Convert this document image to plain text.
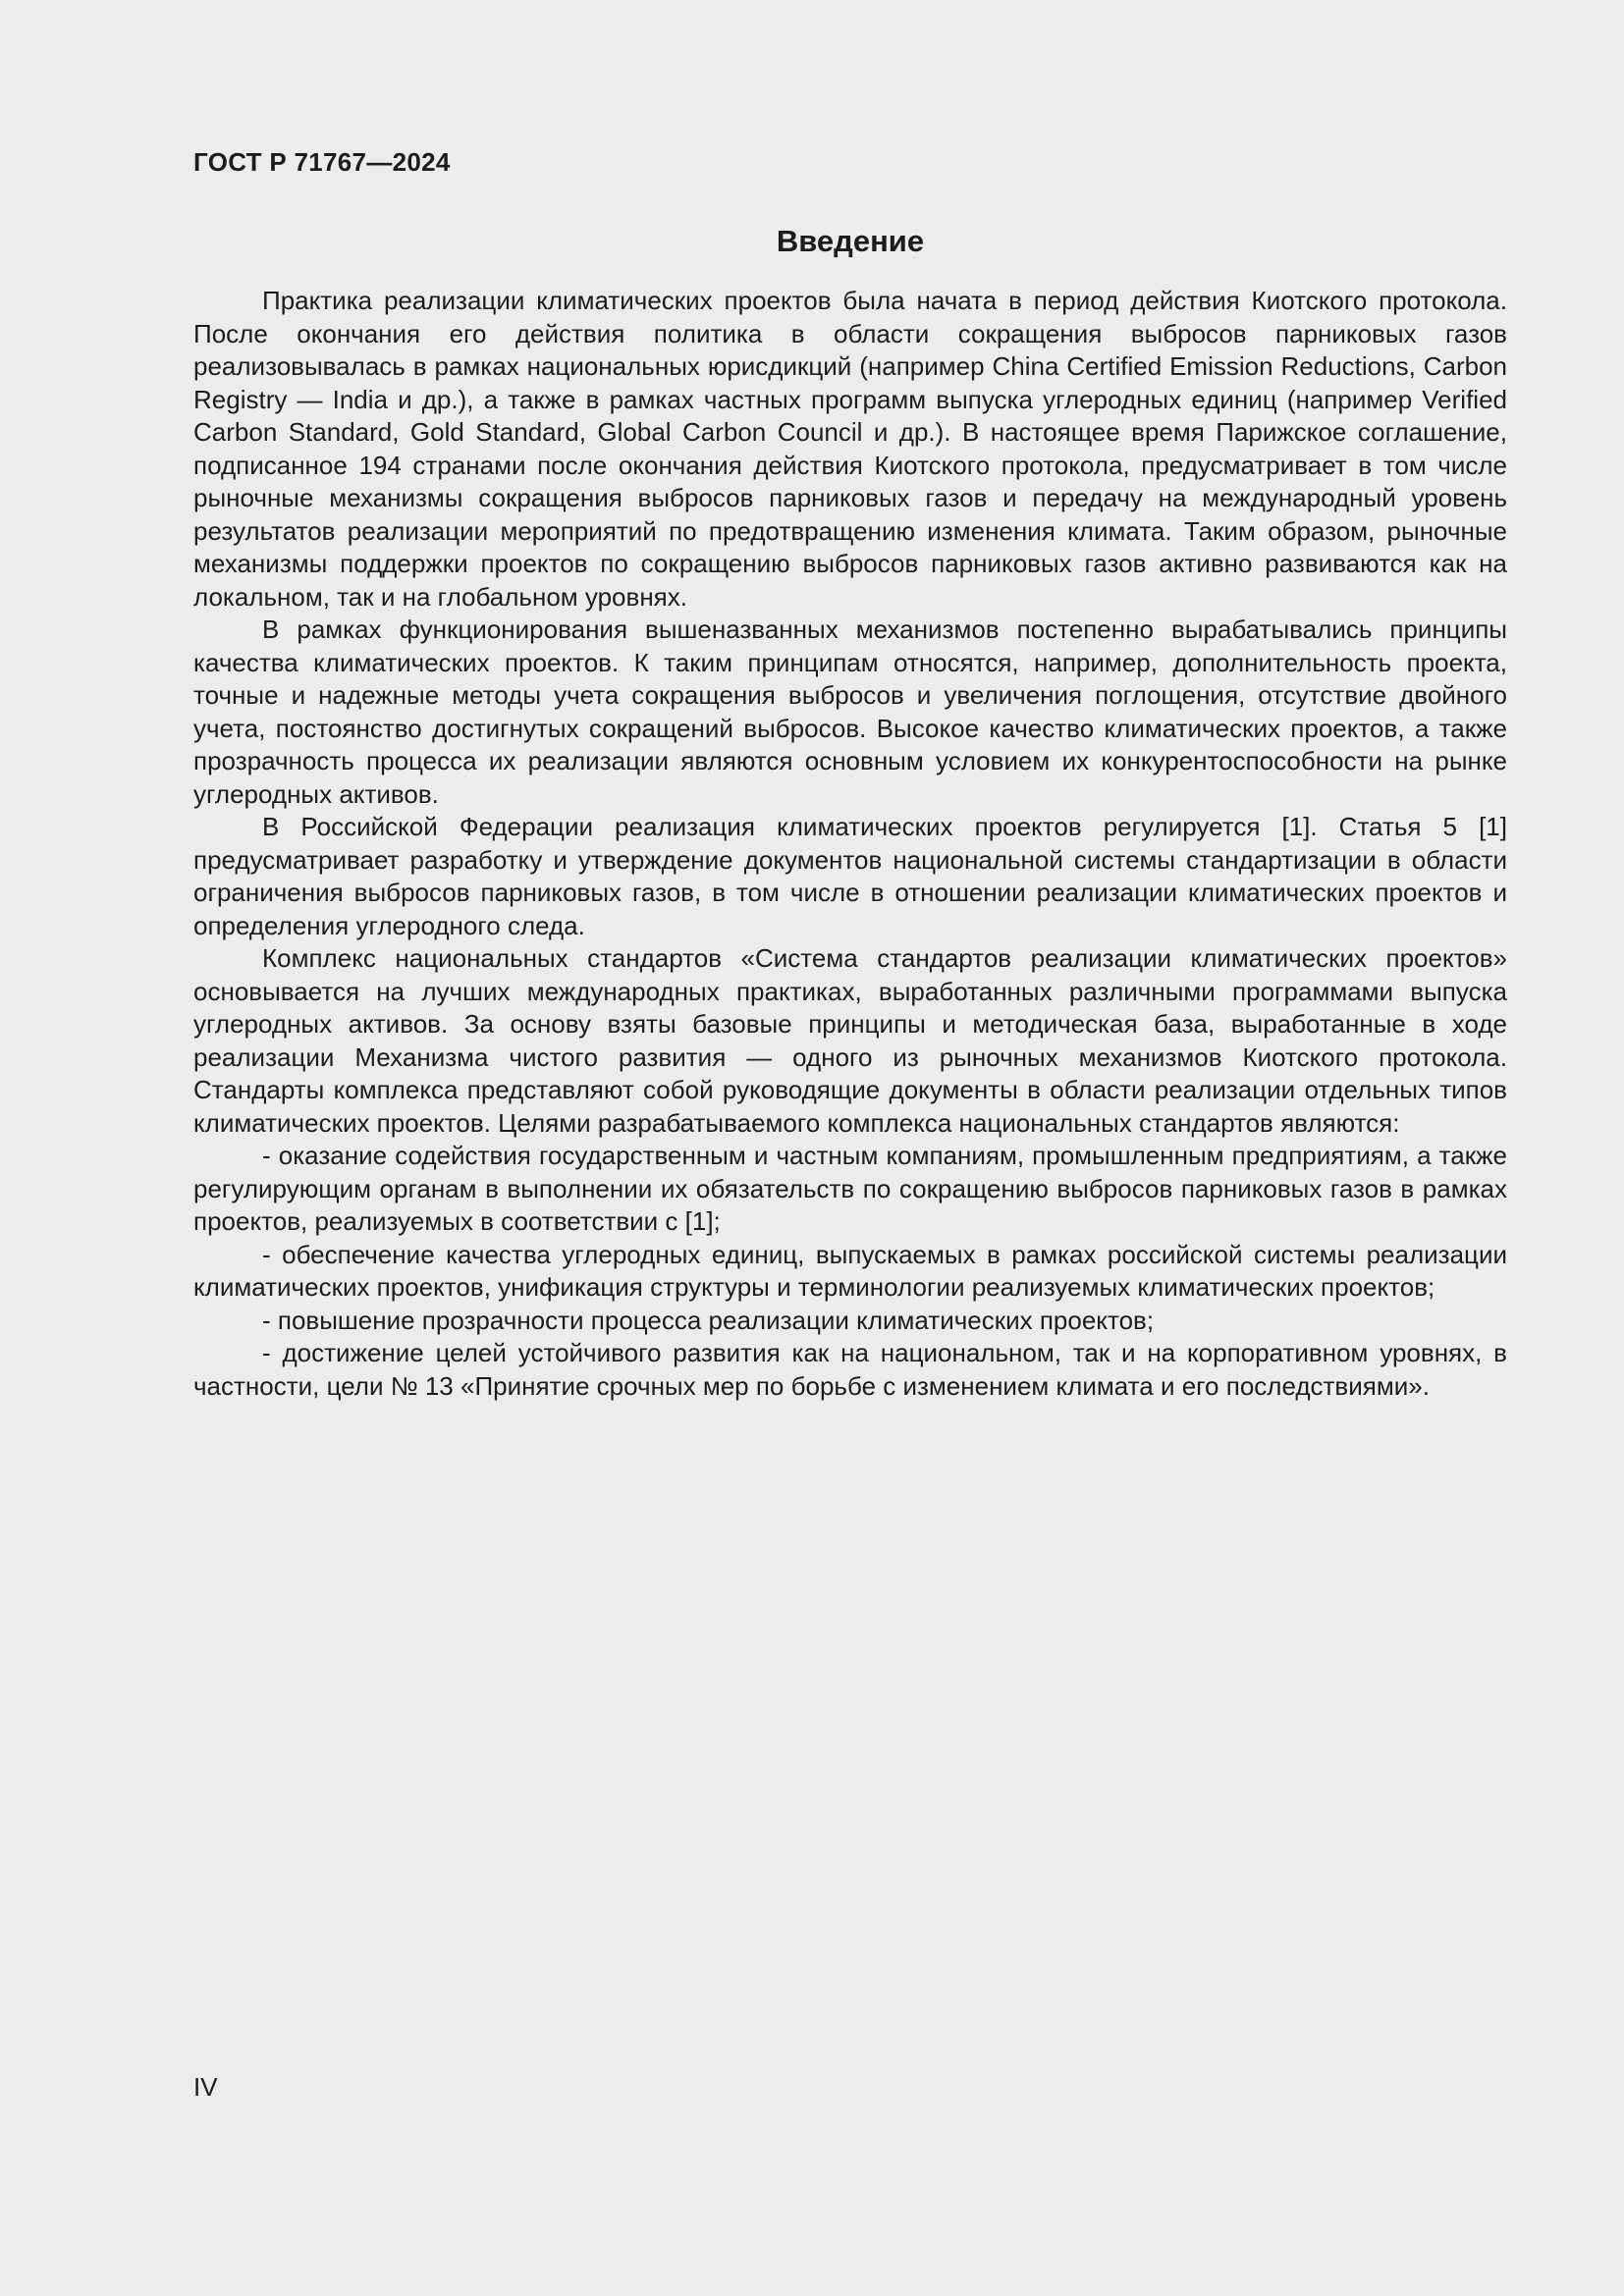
ГОСТ Р 71767—2024
Введение

Практика реализации климатических проектов была начата в период действия Киотского протокола. После окончания его действия политика в области сокращения выбросов парниковых газов реализовывалась в рамках национальных юрисдикций (например China Certified Emission Reductions, Carbon Registry — India и др.), а также в рамках частных программ выпуска углеродных единиц (например Verified Carbon Standard, Gold Standard, Global Carbon Council и др.). В настоящее время Парижское соглашение, подписанное 194 странами после окончания действия Киотского протокола, предусматривает в том числе рыночные механизмы сокращения выбросов парниковых газов и передачу на международный уровень результатов реализации мероприятий по предотвращению изменения климата. Таким образом, рыночные механизмы поддержки проектов по сокращению выбросов парниковых газов активно развиваются как на локальном, так и на глобальном уровнях.

В рамках функционирования вышеназванных механизмов постепенно вырабатывались принципы качества климатических проектов. К таким принципам относятся, например, дополнительность проекта, точные и надежные методы учета сокращения выбросов и увеличения поглощения, отсутствие двойного учета, постоянство достигнутых сокращений выбросов. Высокое качество климатических проектов, а также прозрачность процесса их реализации являются основным условием их конкурентоспособности на рынке углеродных активов.

В Российской Федерации реализация климатических проектов регулируется [1]. Статья 5 [1] предусматривает разработку и утверждение документов национальной системы стандартизации в области ограничения выбросов парниковых газов, в том числе в отношении реализации климатических проектов и определения углеродного следа.

Комплекс национальных стандартов «Система стандартов реализации климатических проектов» основывается на лучших международных практиках, выработанных различными программами выпуска углеродных активов. За основу взяты базовые принципы и методическая база, выработанные в ходе реализации Механизма чистого развития — одного из рыночных механизмов Киотского протокола. Стандарты комплекса представляют собой руководящие документы в области реализации отдельных типов климатических проектов. Целями разрабатываемого комплекса национальных стандартов являются:

- оказание содействия государственным и частным компаниям, промышленным предприятиям, а также регулирующим органам в выполнении их обязательств по сокращению выбросов парниковых газов в рамках проектов, реализуемых в соответствии с [1];

- обеспечение качества углеродных единиц, выпускаемых в рамках российской системы реализации климатических проектов, унификация структуры и терминологии реализуемых климатических проектов;

- повышение прозрачности процесса реализации климатических проектов;

- достижение целей устойчивого развития как на национальном, так и на корпоративном уровнях, в частности, цели № 13 «Принятие срочных мер по борьбе с изменением климата и его последствиями».

IV
